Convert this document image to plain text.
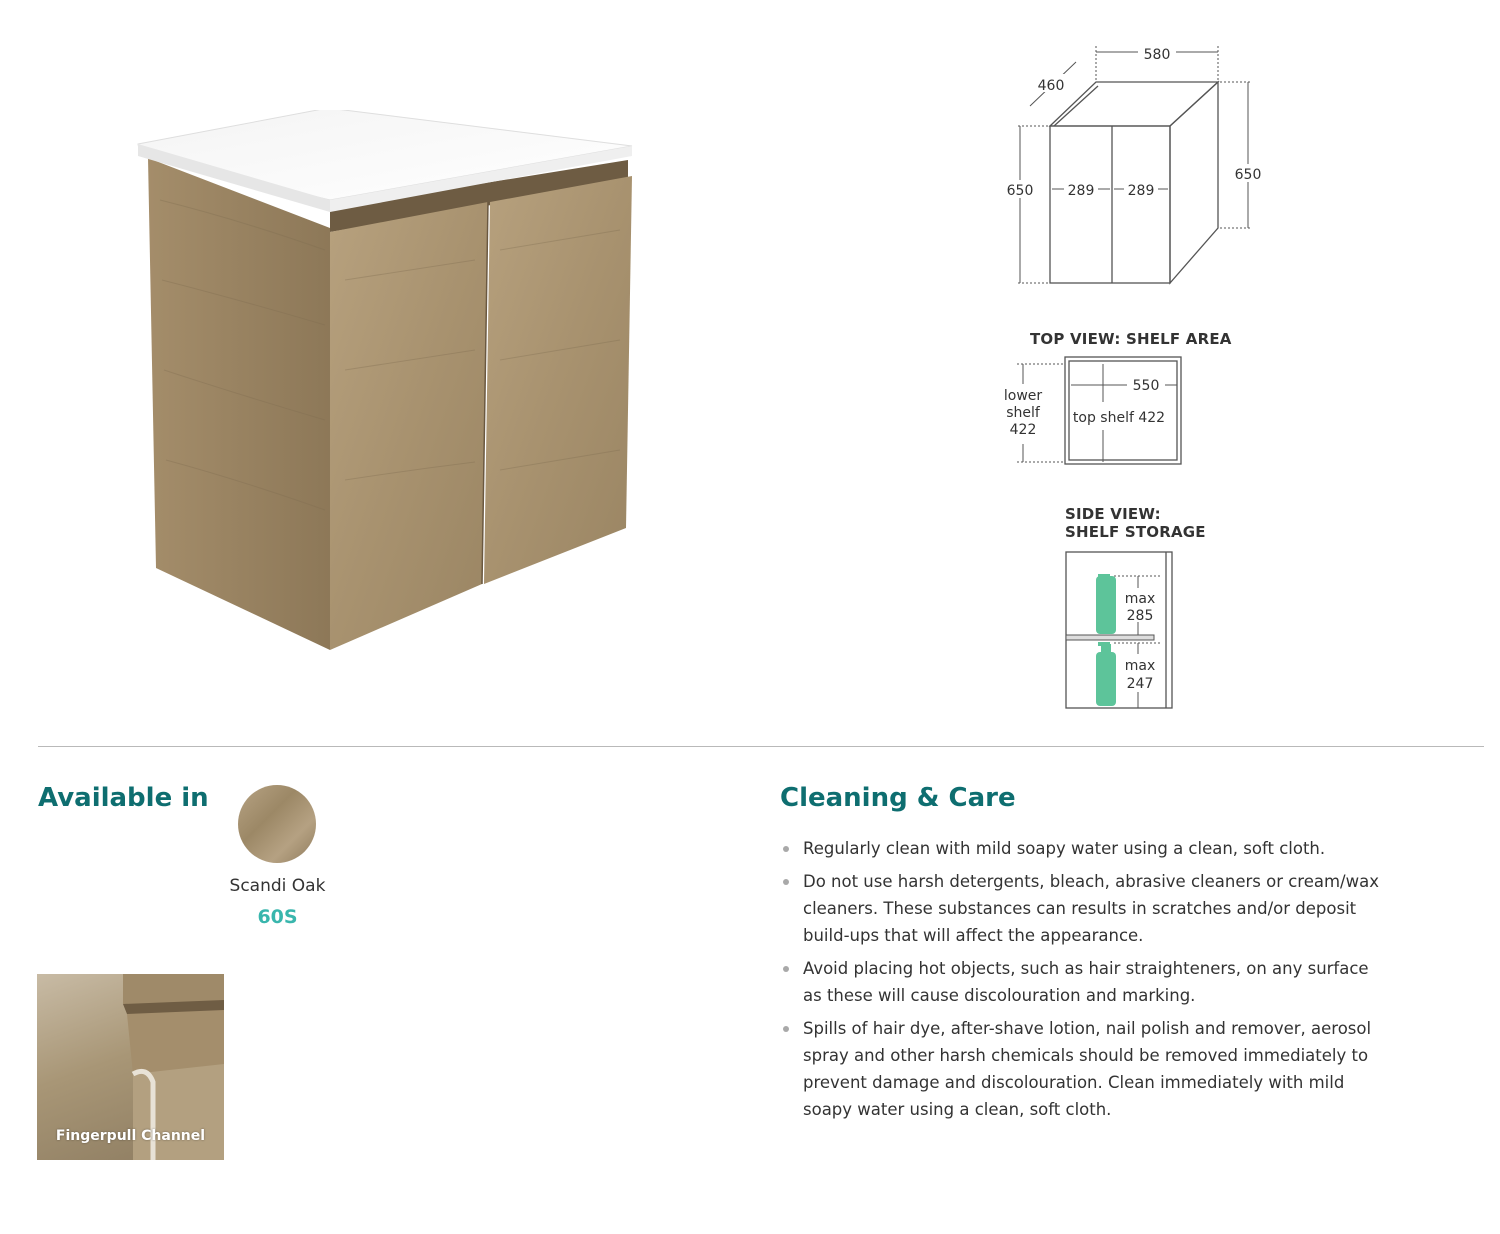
580
460
650
650
289 289
TOP VIEW: SHELF AREA
lower
shelf
422
550
top shelf 422
SIDE VIEW:
SHELF STORAGE
max
285
max
247
Available in
Scandi Oak
60S
Fingerpull Channel
Cleaning & Care
Regularly clean with mild soapy water using a clean, soft cloth.
Do not use harsh detergents, bleach, abrasive cleaners or cream/wax cleaners. These substances can results in scratches and/or deposit build-ups that will affect the appearance.
Avoid placing hot objects, such as hair straighteners, on any surface as these will cause discolouration and marking.
Spills of hair dye, after-shave lotion, nail polish and remover, aerosol spray and other harsh chemicals should be removed immediately to prevent damage and discolouration. Clean immediately with mild soapy water using a clean, soft cloth.
